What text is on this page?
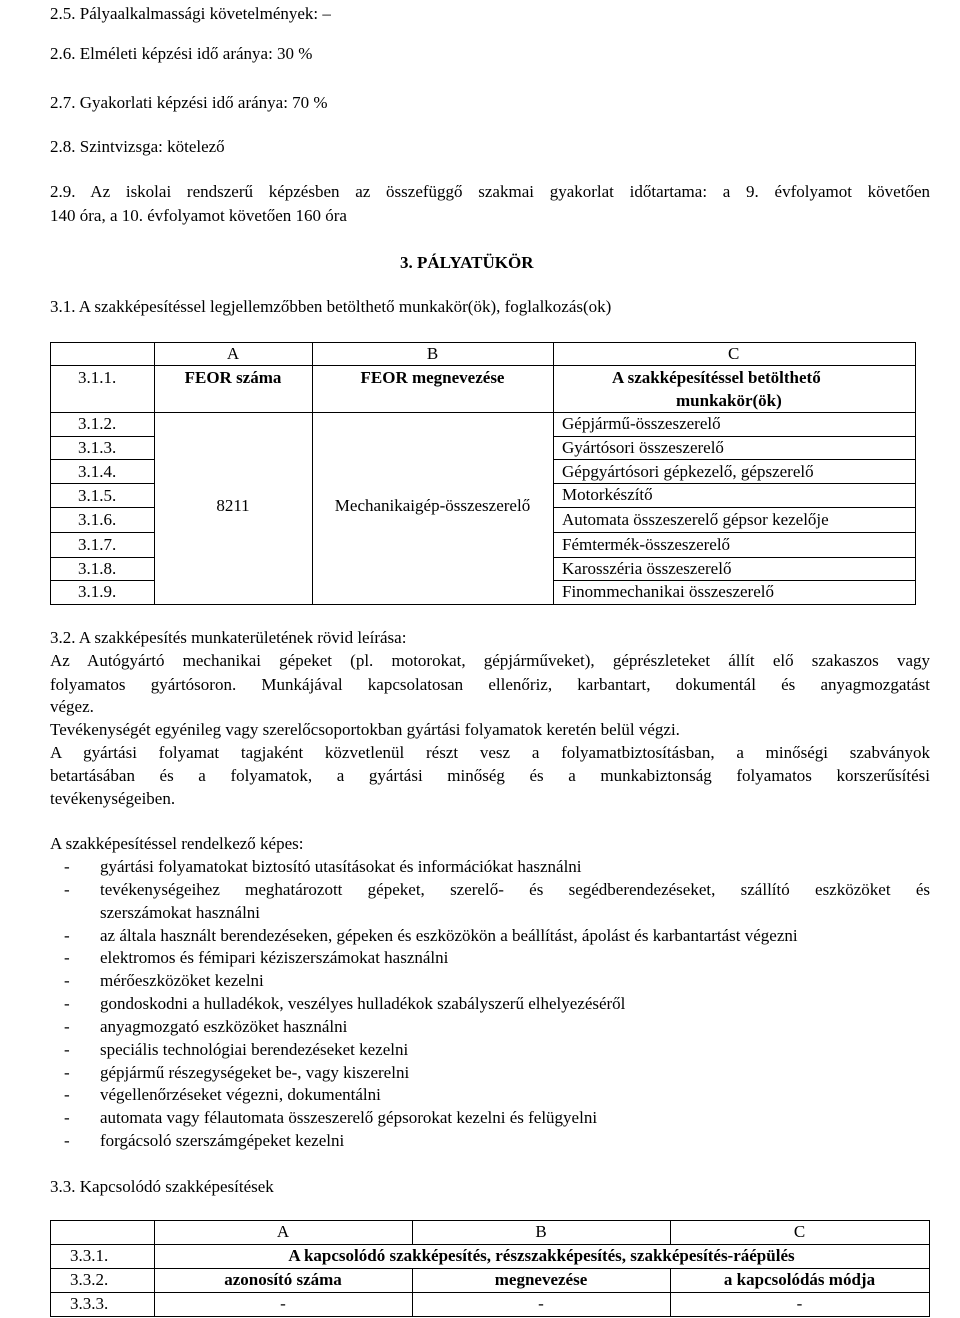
2.5. Pályaalkalmassági követelmények: –
2.6. Elméleti képzési idő aránya: 30 %
2.7. Gyakorlati képzési idő aránya: 70 %
2.8. Szintvizsga: kötelező
2.9. Az iskolai rendszerű képzésben az összefüggő szakmai gyakorlat időtartama: a 9. évfolyamot követően
140 óra, a 10. évfolyamot követően 160 óra
3. PÁLYATÜKÖR
3.1. A szakképesítéssel legjellemzőbben betölthető munkakör(ök), foglalkozás(ok)
A	B	C
3.1.1.	FEOR száma	FEOR megnevezése	A szakképesítéssel betölthető
munkakör(ök)
8211	Mechanikaigép-összeszerelő
3.1.2.	Gépjármű-összeszerelő
3.1.3.	Gyártósori összeszerelő
3.1.4.	Gépgyártósori gépkezelő, gépszerelő
3.1.5.	Motorkészítő
3.1.6.	Automata összeszerelő gépsor kezelője
3.1.7.	Fémtermék-összeszerelő
3.1.8.	Karosszéria összeszerelő
3.1.9.	Finommechanikai összeszerelő
3.2. A szakképesítés munkaterületének rövid leírása:
Az Autógyártó mechanikai gépeket (pl. motorokat, gépjárműveket), géprészleteket állít elő szakaszos vagy
folyamatos gyártósoron. Munkájával kapcsolatosan ellenőriz, karbantart, dokumentál és anyagmozgatást
végez.
Tevékenységét egyénileg vagy szerelőcsoportokban gyártási folyamatok keretén belül végzi.
A gyártási folyamat tagjaként közvetlenül részt vesz a folyamatbiztosításban, a minőségi szabványok
betartásában és a folyamatok, a gyártási minőség és a munkabiztonság folyamatos korszerűsítési
tevékenységeiben.
A szakképesítéssel rendelkező képes:
- gyártási folyamatokat biztosító utasításokat és információkat használni
- tevékenységeihez meghatározott gépeket, szerelő- és segédberendezéseket, szállító eszközöket és
szerszámokat használni
- az általa használt berendezéseken, gépeken és eszközökön a beállítást, ápolást és karbantartást végezni
- elektromos és fémipari kéziszerszámokat használni
- mérőeszközöket kezelni
- gondoskodni a hulladékok, veszélyes hulladékok szabályszerű elhelyezéséről
- anyagmozgató eszközöket használni
- speciális technológiai berendezéseket kezelni
- gépjármű részegységeket be-, vagy kiszerelni
- végellenőrzéseket végezni, dokumentálni
- automata vagy félautomata összeszerelő gépsorokat kezelni és felügyelni
- forgácsoló szerszámgépeket kezelni
3.3. Kapcsolódó szakképesítések
A	B	C
3.3.1.	A kapcsolódó szakképesítés, részszakképesítés, szakképesítés-ráépülés
3.3.2.	azonosító száma	megnevezése	a kapcsolódás módja
3.3.3.	-	-	-
